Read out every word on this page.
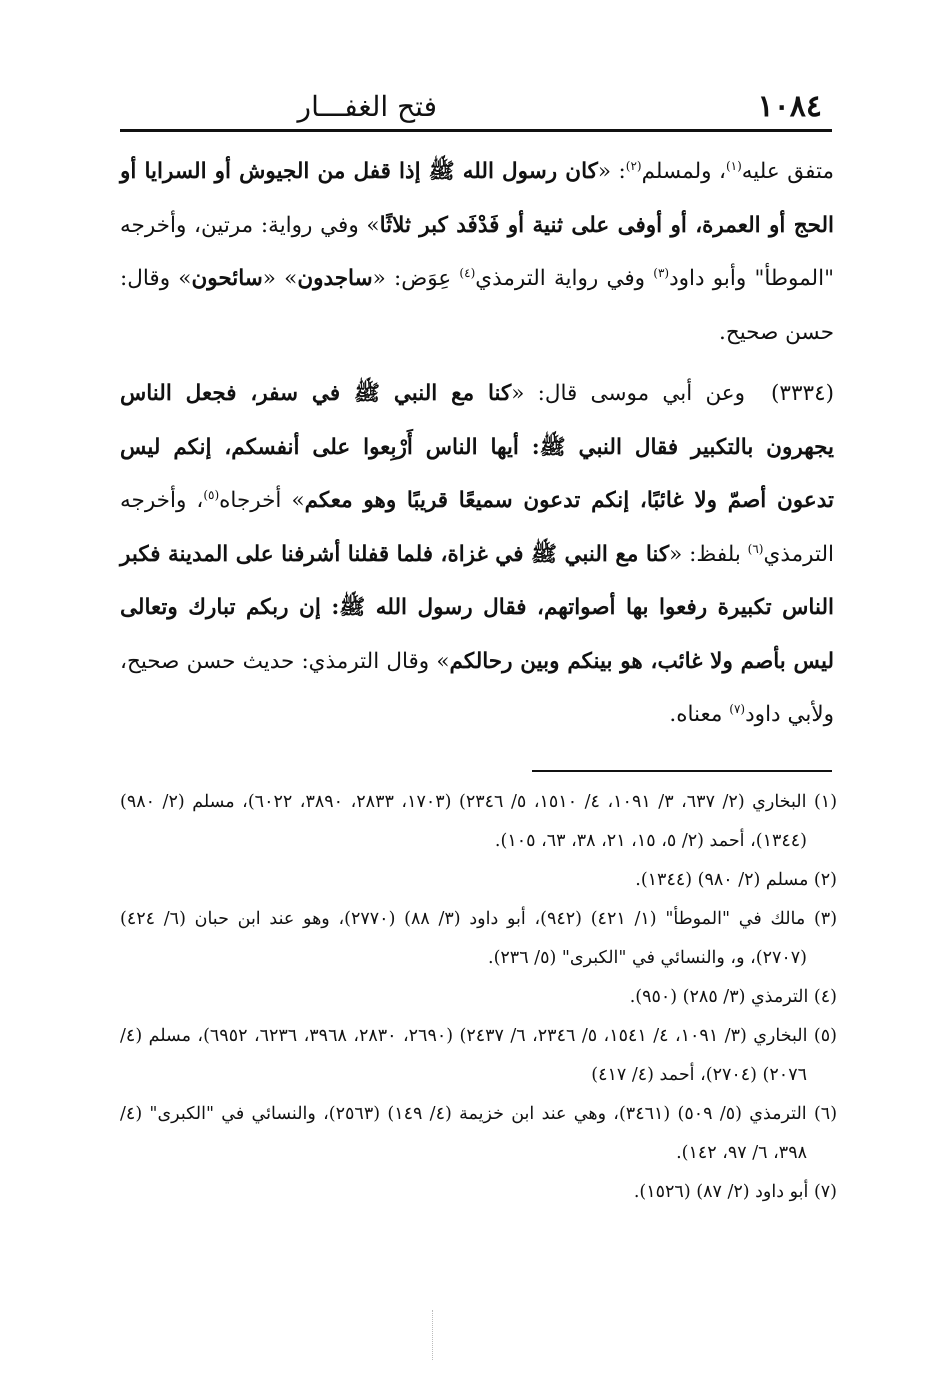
١٠٨٤
فتح الغفـــار

متفق عليه$^{(١)}$، ولمسلم$^{(٢)}$: «كان رسول الله ﷺ إذا قفل من الجيوش أو السرايا أو الحج أو العمرة، أو أوفى على ثنية أو فَدْفَد كبر ثلاثًا» وفي رواية: مرتين، وأخرجه "الموطأ" وأبو داود$^{(٣)}$ وفي رواية الترمذي$^{(٤)}$ عِوَض: «ساجدون» «سائحون» وقال: حسن صحيح.

(٣٣٣٤)وعن أبي موسى قال: «كنا مع النبي ﷺ في سفر، فجعل الناس يجهرون بالتكبير فقال النبي ﷺ: أيها الناس أَرْبِعوا على أنفسكم، إنكم ليس تدعون أصمّ ولا غائبًا، إنكم تدعون سميعًا قريبًا وهو معكم» أخرجاه$^{(٥)}$، وأخرجه الترمذي$^{(٦)}$ بلفظ: «كنا مع النبي ﷺ في غزاة، فلما قفلنا أشرفنا على المدينة فكبر الناس تكبيرة رفعوا بها أصواتهم، فقال رسول الله ﷺ: إن ربكم تبارك وتعالى ليس بأصم ولا غائب، هو بينكم وبين رحالكم» وقال الترمذي: حديث حسن صحيح، ولأبي داود$^{(٧)}$ معناه.

(١) البخاري (٢/ ٦٣٧، ٣/ ١٠٩١، ٤/ ١٥١٠، ٥/ ٢٣٤٦) (١٧٠٣، ٢٨٣٣، ٣٨٩٠، ٦٠٢٢)، مسلم (٢/ ٩٨٠) (١٣٤٤)، أحمد (٢/ ٥، ١٥، ٢١، ٣٨، ٦٣، ١٠٥).

(٢) مسلم (٢/ ٩٨٠) (١٣٤٤).

(٣) مالك في "الموطأ" (١/ ٤٢١) (٩٤٢)، أبو داود (٣/ ٨٨) (٢٧٧٠)، وهو عند ابن حبان (٦/ ٤٢٤) (٢٧٠٧)، و، والنسائي في "الكبرى" (٥/ ٢٣٦).

(٤) الترمذي (٣/ ٢٨٥) (٩٥٠).

(٥) البخاري (٣/ ١٠٩١، ٤/ ١٥٤١، ٥/ ٢٣٤٦، ٦/ ٢٤٣٧) (٢٦٩٠، ٢٨٣٠، ٣٩٦٨، ٦٢٣٦، ٦٩٥٢)، مسلم (٤/ ٢٠٧٦) (٢٧٠٤)، أحمد (٤/ ٤١٧)

(٦) الترمذي (٥/ ٥٠٩) (٣٤٦١)، وهي عند ابن خزيمة (٤/ ١٤٩) (٢٥٦٣)، والنسائي في "الكبرى" (٤/ ٣٩٨، ٦/ ٩٧، ١٤٢).

(٧) أبو داود (٢/ ٨٧) (١٥٢٦).
